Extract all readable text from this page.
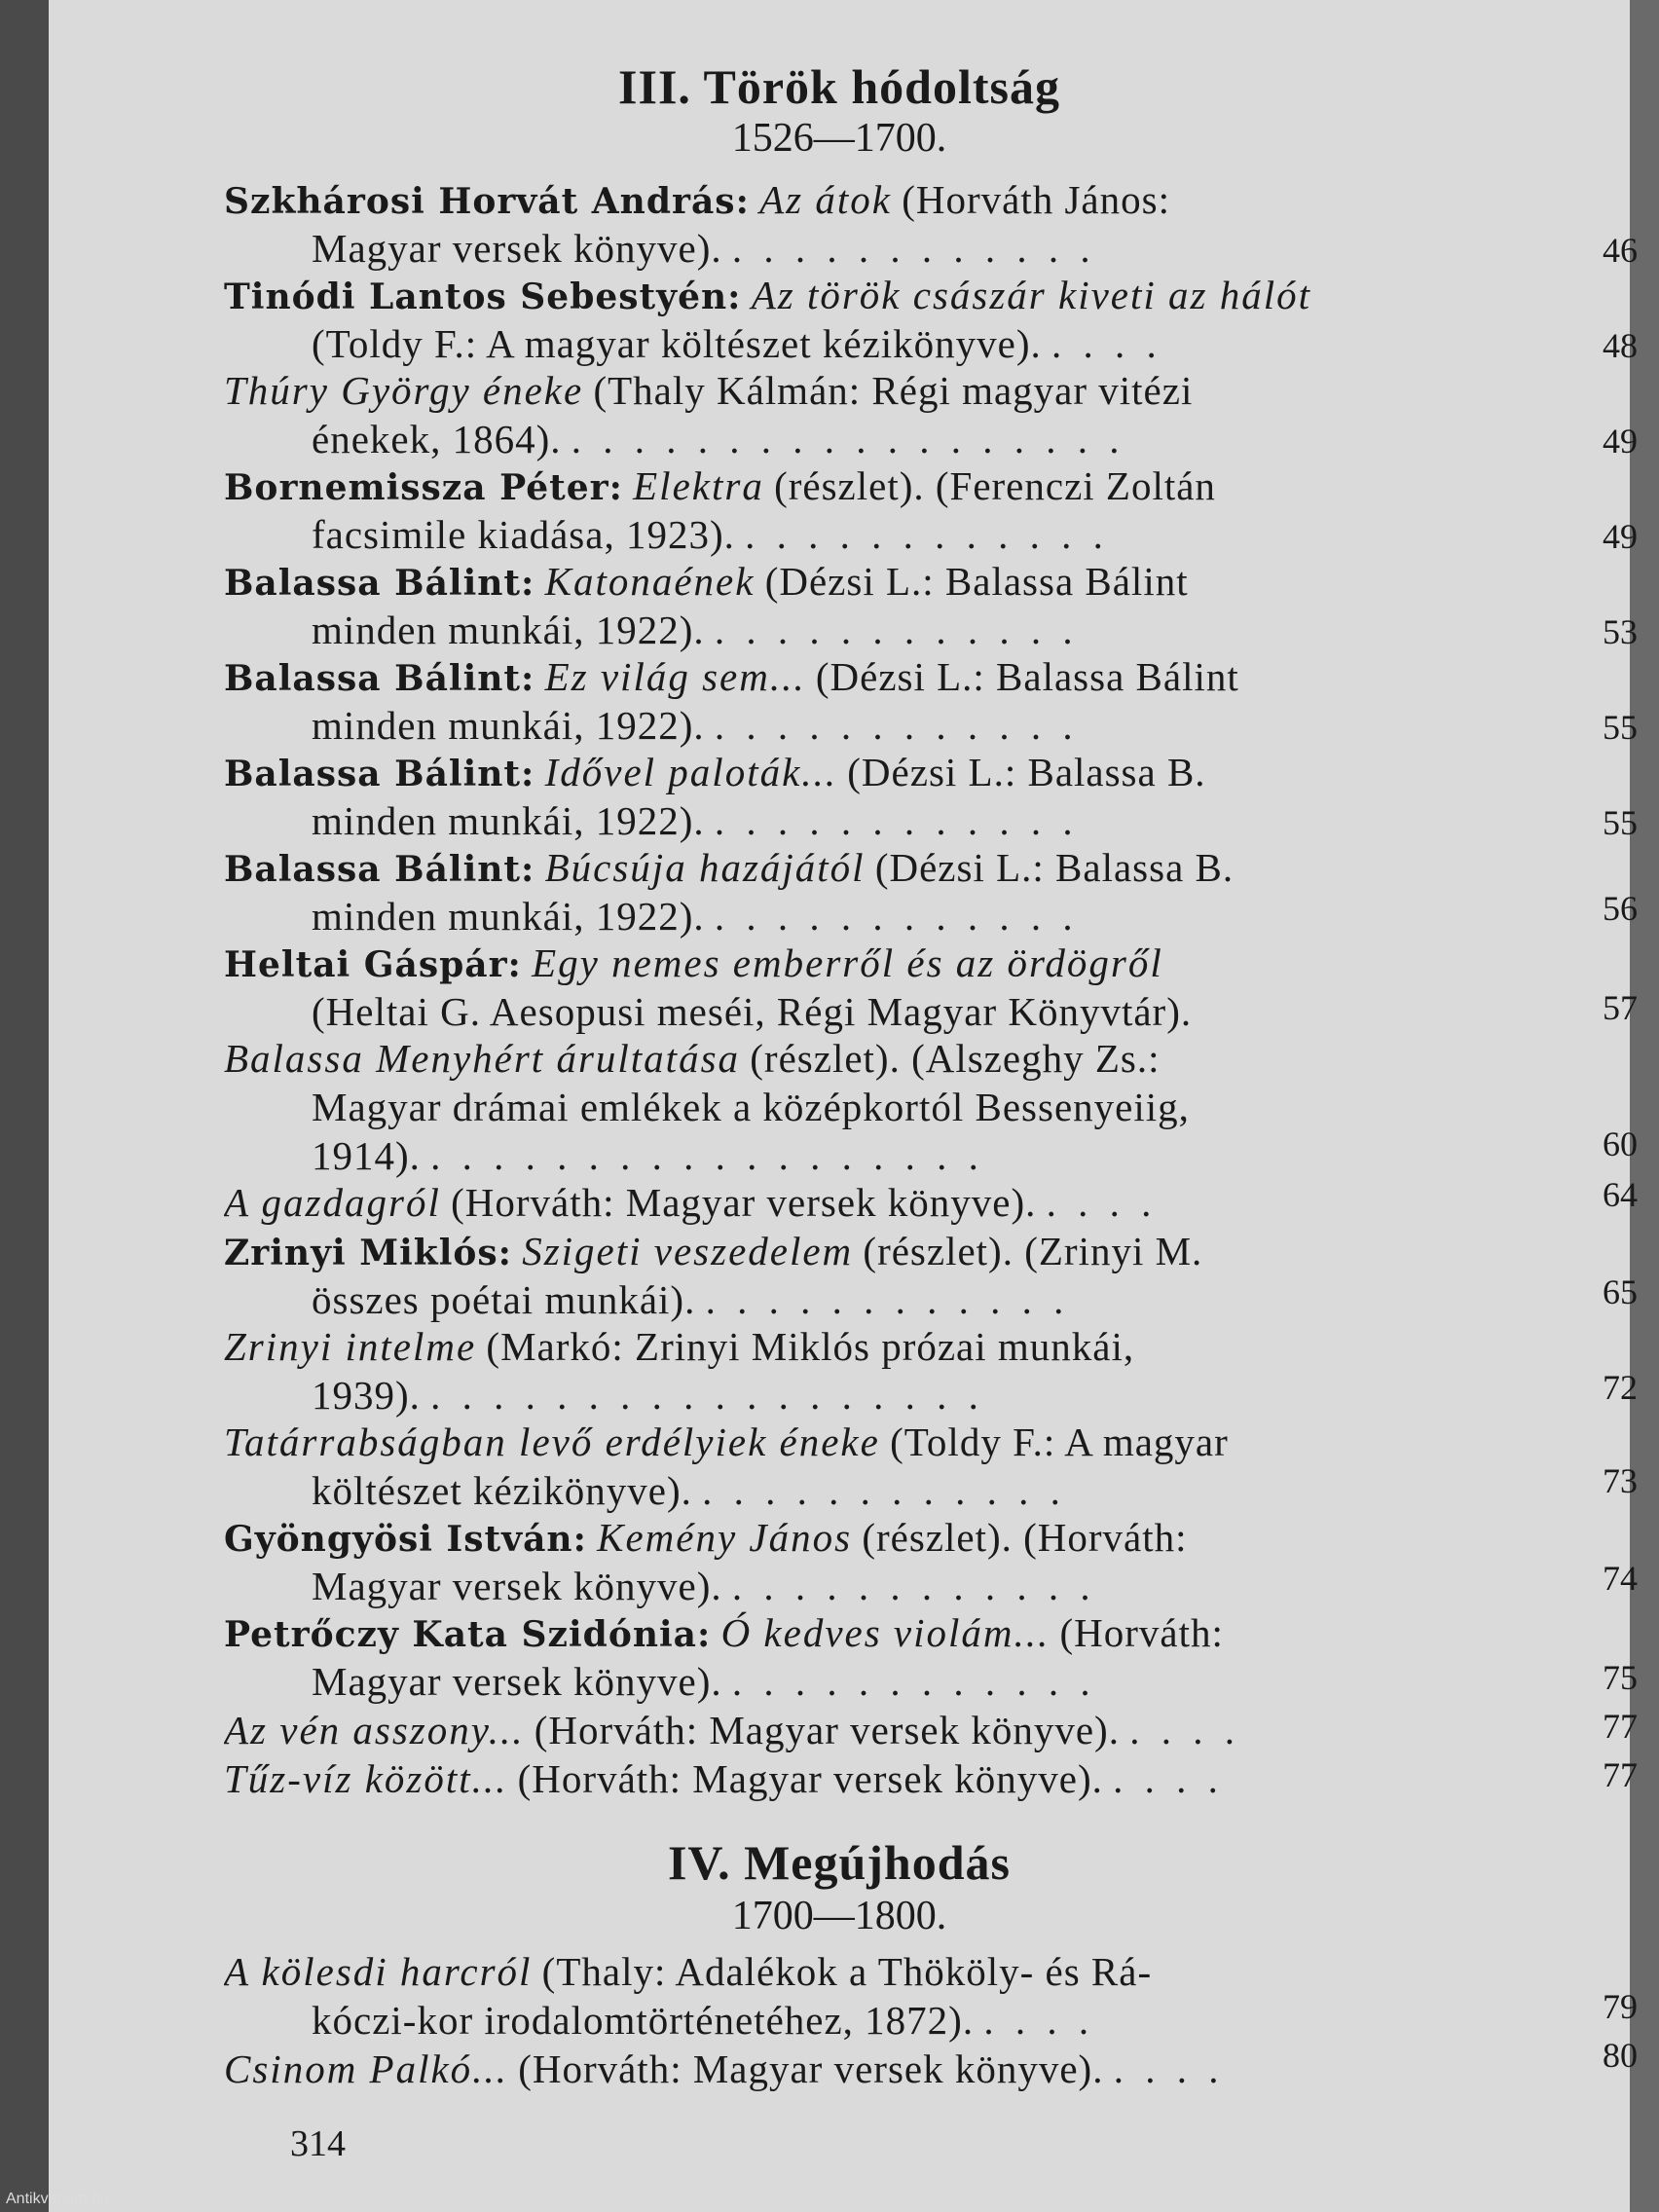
III. Török hódoltság
1526—1700.
Szkhárosi Horvát András: Az átok (Horváth János:
Magyar versek könyve). . . . . . . . . . . . .	46
Tinódi Lantos Sebestyén: Az török császár kiveti az hálót
(Toldy F.: A magyar költészet kézikönyve). . . . .	48
Thúry György éneke (Thaly Kálmán: Régi magyar vitézi
énekek, 1864). . . . . . . . . . . . . . . . . . .	49
Bornemissza Péter: Elektra (részlet). (Ferenczi Zoltán
facsimile kiadása, 1923). . . . . . . . . . . . .	49
Balassa Bálint: Katonaének (Dézsi L.: Balassa Bálint
minden munkái, 1922). . . . . . . . . . . . .	53
Balassa Bálint: Ez világ sem... (Dézsi L.: Balassa Bálint
minden munkái, 1922). . . . . . . . . . . . .	55
Balassa Bálint: Idővel paloták... (Dézsi L.: Balassa B.
minden munkái, 1922). . . . . . . . . . . . .	55
Balassa Bálint: Búcsúja hazájától (Dézsi L.: Balassa B.
minden munkái, 1922). . . . . . . . . . . . .	56
Heltai Gáspár: Egy nemes emberről és az ördögről
(Heltai G. Aesopusi meséi, Régi Magyar Könyvtár).	57
Balassa Menyhért árultatása (részlet). (Alszeghy Zs.:
Magyar drámai emlékek a középkortól Bessenyeiig,
1914). . . . . . . . . . . . . . . . . . .	60
A gazdagról (Horváth: Magyar versek könyve). . . . .	64
Zrinyi Miklós: Szigeti veszedelem (részlet). (Zrinyi M.
összes poétai munkái). . . . . . . . . . . . .	65
Zrinyi intelme (Markó: Zrinyi Miklós prózai munkái,
1939). . . . . . . . . . . . . . . . . . .	72
Tatárrabságban levő erdélyiek éneke (Toldy F.: A magyar
költészet kézikönyve). . . . . . . . . . . . .	73
Gyöngyösi István: Kemény János (részlet). (Horváth:
Magyar versek könyve). . . . . . . . . . . . .	74
Petrőczy Kata Szidónia: Ó kedves violám... (Horváth:
Magyar versek könyve). . . . . . . . . . . . .	75
Az vén asszony... (Horváth: Magyar versek könyve). . . . .	77
Tűz-víz között... (Horváth: Magyar versek könyve). . . . .	77
IV. Megújhodás
1700—1800.
A kölesdi harcról (Thaly: Adalékok a Thököly- és Rá-
kóczi-kor irodalomtörténetéhez, 1872). . . . .	79
Csinom Palkó... (Horváth: Magyar versek könyve). . . . .	80
314
Antikvarium.hu
